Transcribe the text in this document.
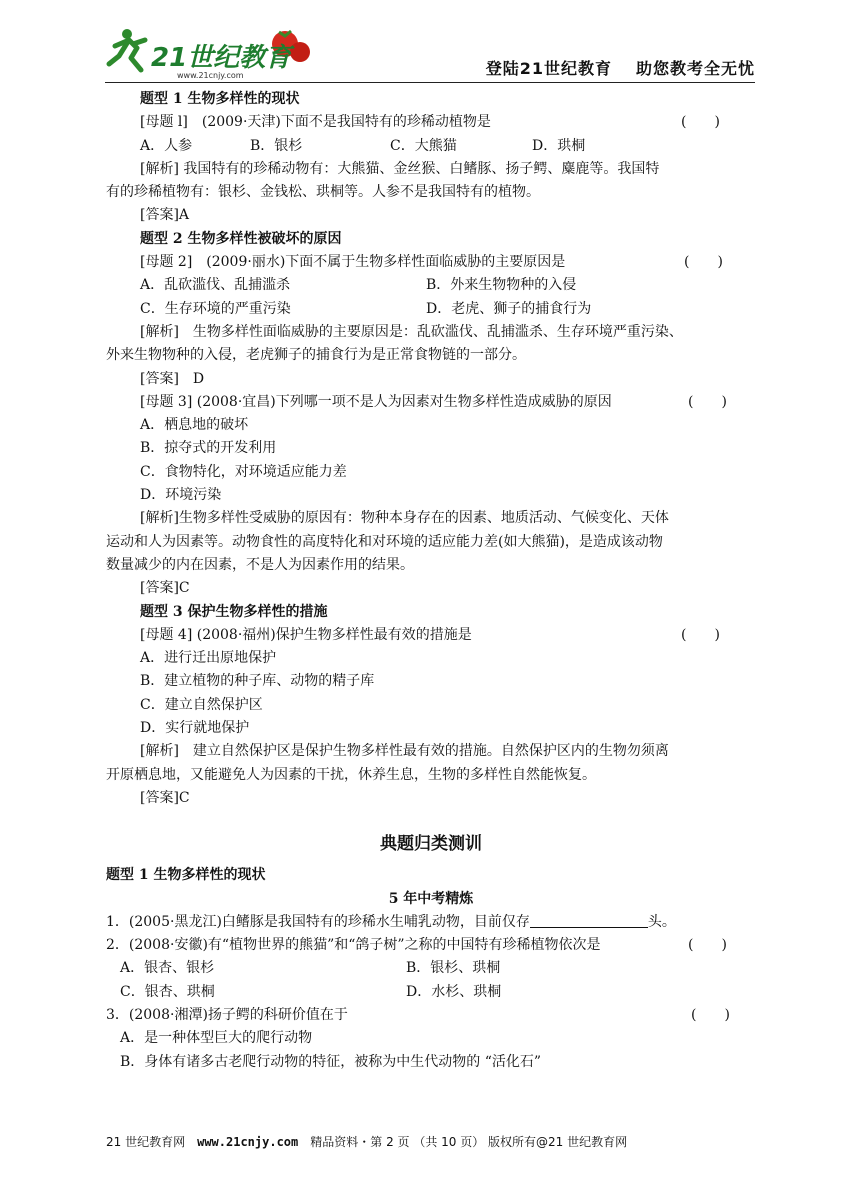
21世纪教育
www.21cnjy.com	登陆21世纪教育 助您教考全无忧
题型 1 生物多样性的现状
[母题 l]　(2009·天津)下面不是我国特有的珍稀动植物是	(　　)
A．人参	B．银杉	C．大熊猫	D．珙桐
[解析] 我国特有的珍稀动物有：大熊猫、金丝猴、白鳍豚、扬子鳄、麋鹿等。我国特
有的珍稀植物有：银杉、金钱松、珙桐等。人参不是我国特有的植物。
[答案]A
题型 2 生物多样性被破坏的原因
[母题 2]　(2009·丽水)下面不属于生物多样性面临威胁的主要原因是	(　　)
A．乱砍滥伐、乱捕滥杀	B．外来生物物种的入侵
C．生存环境的严重污染	D．老虎、狮子的捕食行为
[解析]　生物多样性面临威胁的主要原因是：乱砍滥伐、乱捕滥杀、生存环境严重污染、
外来生物物种的入侵，老虎狮子的捕食行为是正常食物链的一部分。
[答案]　D
[母题 3] (2008·宜昌)下列哪一项不是人为因素对生物多样性造成威胁的原因	(　　)
A．栖息地的破坏
B．掠夺式的开发利用
C．食物特化，对环境适应能力差
D．环境污染
[解析]生物多样性受威胁的原因有：物种本身存在的因素、地质活动、气候变化、天体
运动和人为因素等。动物食性的高度特化和对环境的适应能力差(如大熊猫)，是造成该动物
数量减少的内在因素，不是人为因素作用的结果。
[答案]C
题型 3 保护生物多样性的措施
[母题 4] (2008·福州)保护生物多样性最有效的措施是	(　　)
A．进行迁出原地保护
B．建立植物的种子库、动物的精子库
C．建立自然保护区
D．实行就地保护
[解析]　建立自然保护区是保护生物多样性最有效的措施。自然保护区内的生物勿须离
开原栖息地，又能避免人为因素的干扰，休养生息，生物的多样性自然能恢复。
[答案]C
典题归类测训
题型 1 生物多样性的现状
5 年中考精炼
1．(2005·黑龙江)白鳍豚是我国特有的珍稀水生哺乳动物，目前仅存	头。
2．(2008·安徽)有“植物世界的熊猫”和“鸽子树”之称的中国特有珍稀植物依次是	(　　)
A．银杏、银杉	B．银杉、珙桐
C．银杏、珙桐	D．水杉、珙桐
3．(2008·湘潭)扬子鳄的科研价值在于	(　　)
A．是一种体型巨大的爬行动物
B．身体有诸多古老爬行动物的特征，被称为中生代动物的 “活化石”
21 世纪教育网 www.21cnjy.com 精品资料・第 2 页 （共 10 页） 版权所有@21 世纪教育网
